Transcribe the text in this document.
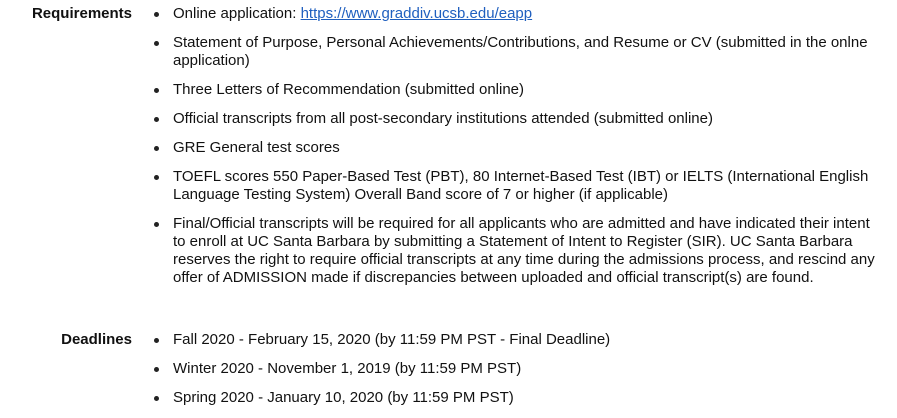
Requirements	Online application: https://www.graddiv.ucsb.edu/eapp
Statement of Purpose, Personal Achievements/Contributions, and Resume or CV (submitted in the onlne application)
Three Letters of Recommendation (submitted online)
Official transcripts from all post-secondary institutions attended (submitted online)
GRE General test scores
TOEFL scores 550 Paper-Based Test (PBT), 80 Internet-Based Test (IBT) or IELTS (International English Language Testing System) Overall Band score of 7 or higher (if applicable)
Final/Official transcripts will be required for all applicants who are admitted and have indicated their intent to enroll at UC Santa Barbara by submitting a Statement of Intent to Register (SIR). UC Santa Barbara reserves the right to require official transcripts at any time during the admissions process, and rescind any offer of ADMISSION made if discrepancies between uploaded and official transcript(s) are found.
Deadlines	Fall 2020 - February 15, 2020 (by 11:59 PM PST - Final Deadline)
Winter 2020 - November 1, 2019 (by 11:59 PM PST)
Spring 2020 - January 10, 2020 (by 11:59 PM PST)
